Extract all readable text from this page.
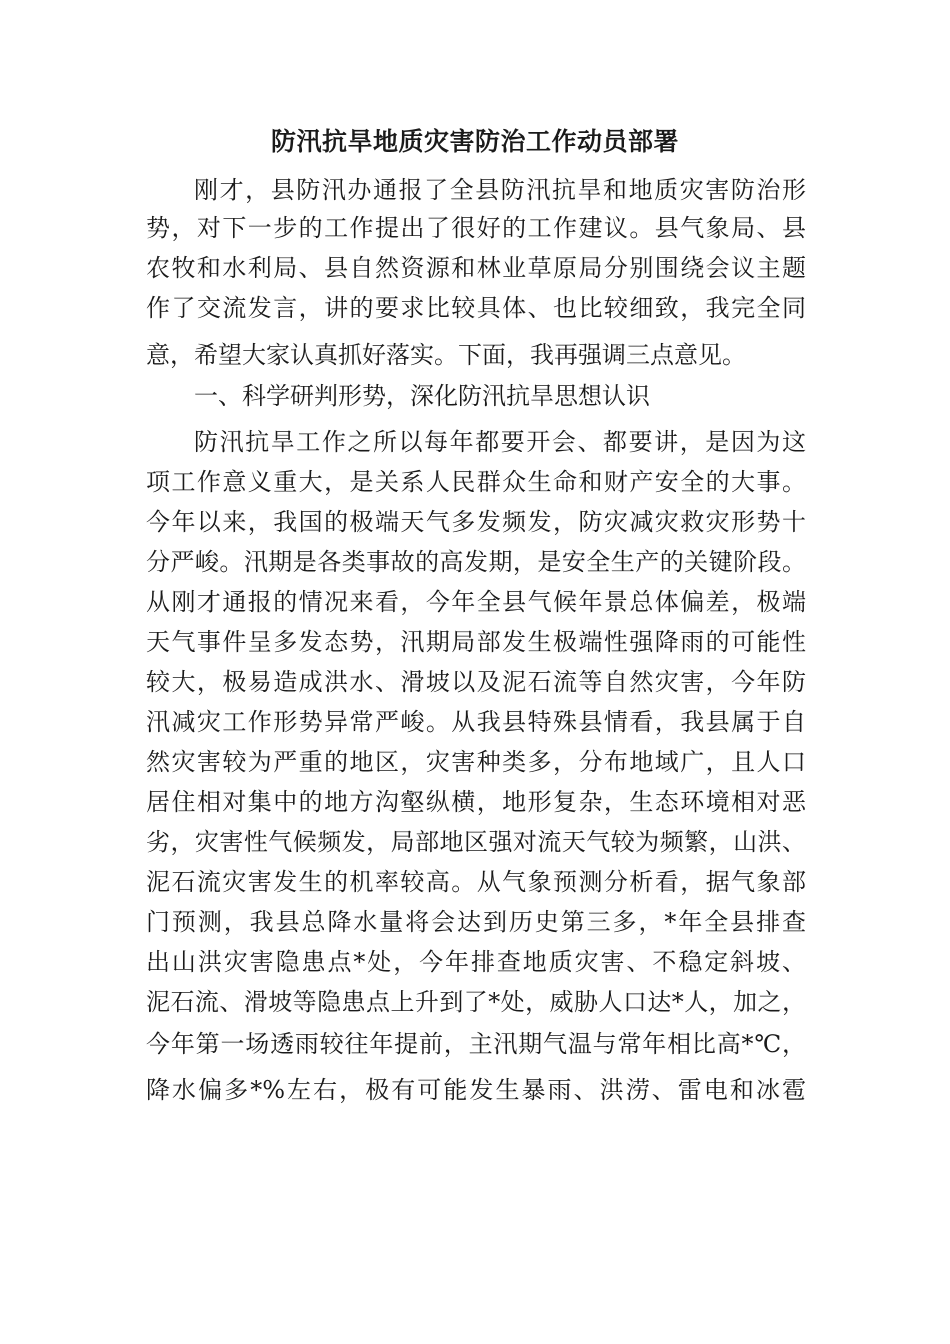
防汛抗旱地质灾害防治工作动员部署

刚才，县防汛办通报了全县防汛抗旱和地质灾害防治形

势，对下一步的工作提出了很好的工作建议。县气象局、县

农牧和水利局、县自然资源和林业草原局分别围绕会议主题

作了交流发言，讲的要求比较具体、也比较细致，我完全同

意，希望大家认真抓好落实。下面，我再强调三点意见。

一、科学研判形势，深化防汛抗旱思想认识

防汛抗旱工作之所以每年都要开会、都要讲，是因为这

项工作意义重大，是关系人民群众生命和财产安全的大事。

今年以来，我国的极端天气多发频发，防灾减灾救灾形势十

分严峻。汛期是各类事故的高发期，是安全生产的关键阶段。

从刚才通报的情况来看，今年全县气候年景总体偏差，极端

天气事件呈多发态势，汛期局部发生极端性强降雨的可能性

较大，极易造成洪水、滑坡以及泥石流等自然灾害，今年防

汛减灾工作形势异常严峻。从我县特殊县情看，我县属于自

然灾害较为严重的地区，灾害种类多，分布地域广，且人口

居住相对集中的地方沟壑纵横，地形复杂，生态环境相对恶

劣，灾害性气候频发，局部地区强对流天气较为频繁，山洪、

泥石流灾害发生的机率较高。从气象预测分析看，据气象部

门预测，我县总降水量将会达到历史第三多，*年全县排查

出山洪灾害隐患点*处，今年排查地质灾害、不稳定斜坡、

泥石流、滑坡等隐患点上升到了*处，威胁人口达*人，加之，

今年第一场透雨较往年提前，主汛期气温与常年相比高*℃，

降水偏多*%左右，极有可能发生暴雨、洪涝、雷电和冰雹
